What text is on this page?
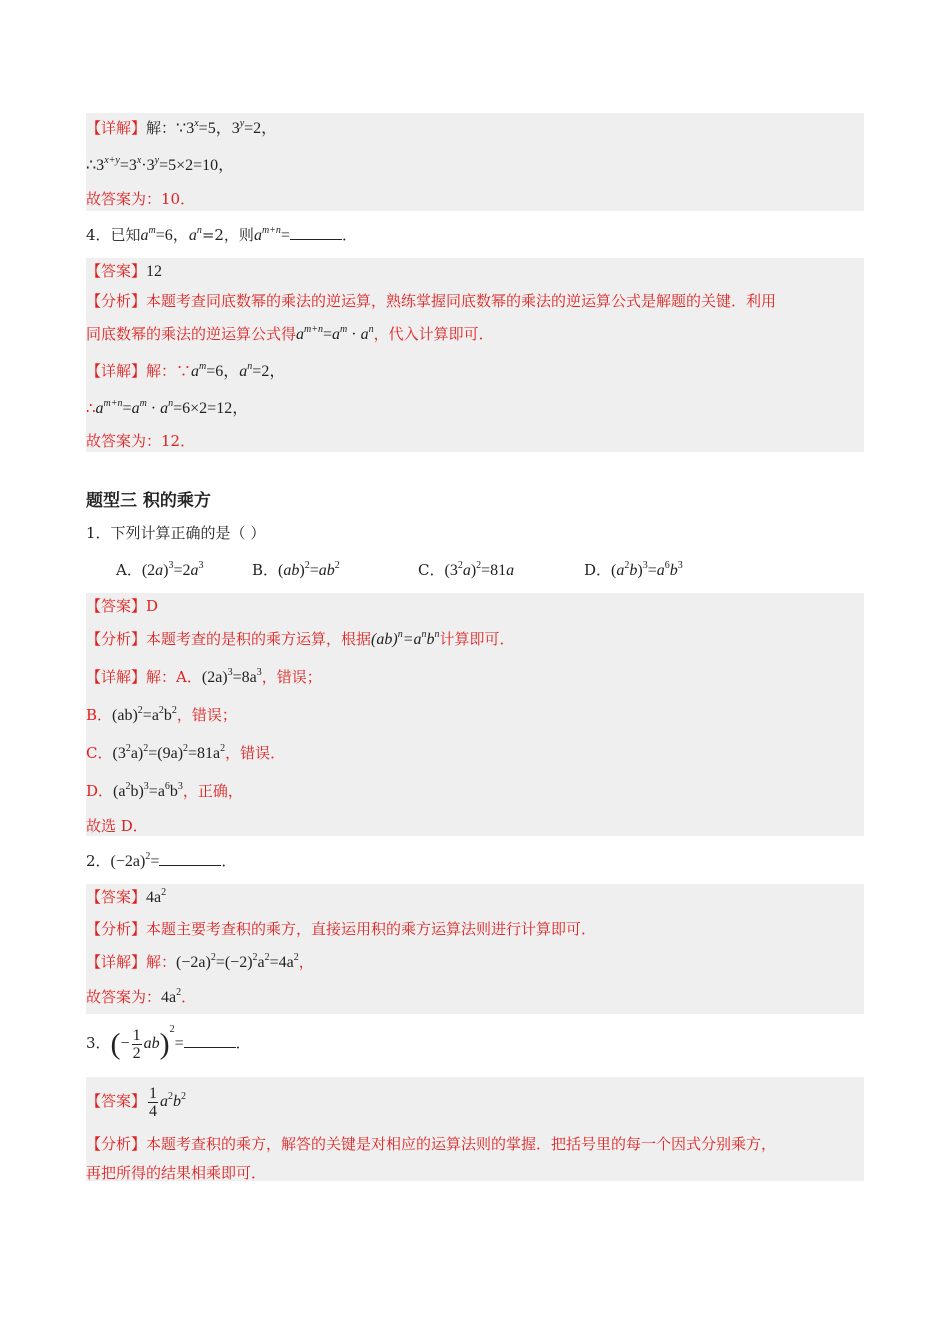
【详解】解：$\because 3^x=5$，$3^y=2$，
$\therefore 3^{x+y}=3^x\cdot 3^y=5\times 2=10$，
故答案为：10．
4．已知$a^m=6$，$a^n=2$，则$a^{m+n}=$	．
【答案】12
【分析】本题考查同底数幂的乘法的逆运算，熟练掌握同底数幂的乘法的逆运算公式是解题的关键．利用
同底数幂的乘法的逆运算公式得$a^{m+n}=a^m \cdot a^n$，代入计算即可．
【详解】解：$\because a^m=6$，$a^n=2$，
$\therefore a^{m+n}=a^m \cdot a^n=6\times 2=12$，
故答案为：12．
题型三 积的乘方
1．下列计算正确的是（ ）
A．$(2a)^3=2a^3$	B．$(ab)^2=ab^2$	C．$(3^2a)^2=81a$	D．$(a^2b)^3=a^6b^3$
【答案】D
【分析】本题考查的是积的乘方运算，根据$(ab)^n=a^nb^n$计算即可．
【详解】解：A．$(2a)^3=8a^3$，错误；
B．$(ab)^2=a^2b^2$，错误；
C．$(3^2a)^2=(9a)^2=81a^2$，错误．
D．$(a^2b)^3=a^6b^3$，正确，
故选 D．
2．$(-2a)^2=$	．
【答案】$4a^2$
【分析】本题主要考查积的乘方，直接运用积的乘方运算法则进行计算即可．
【详解】解：$(-2a)^2=(-2)^2a^2=4a^2$，
故答案为：$4a^2$．
3．(− $\frac{1}{2} ab)^2=$	．
【答案】 $\frac{1}{4} a^2b^2$
【分析】本题考查积的乘方，解答的关键是对相应的运算法则的掌握．把括号里的每一个因式分别乘方，
再把所得的结果相乘即可．
